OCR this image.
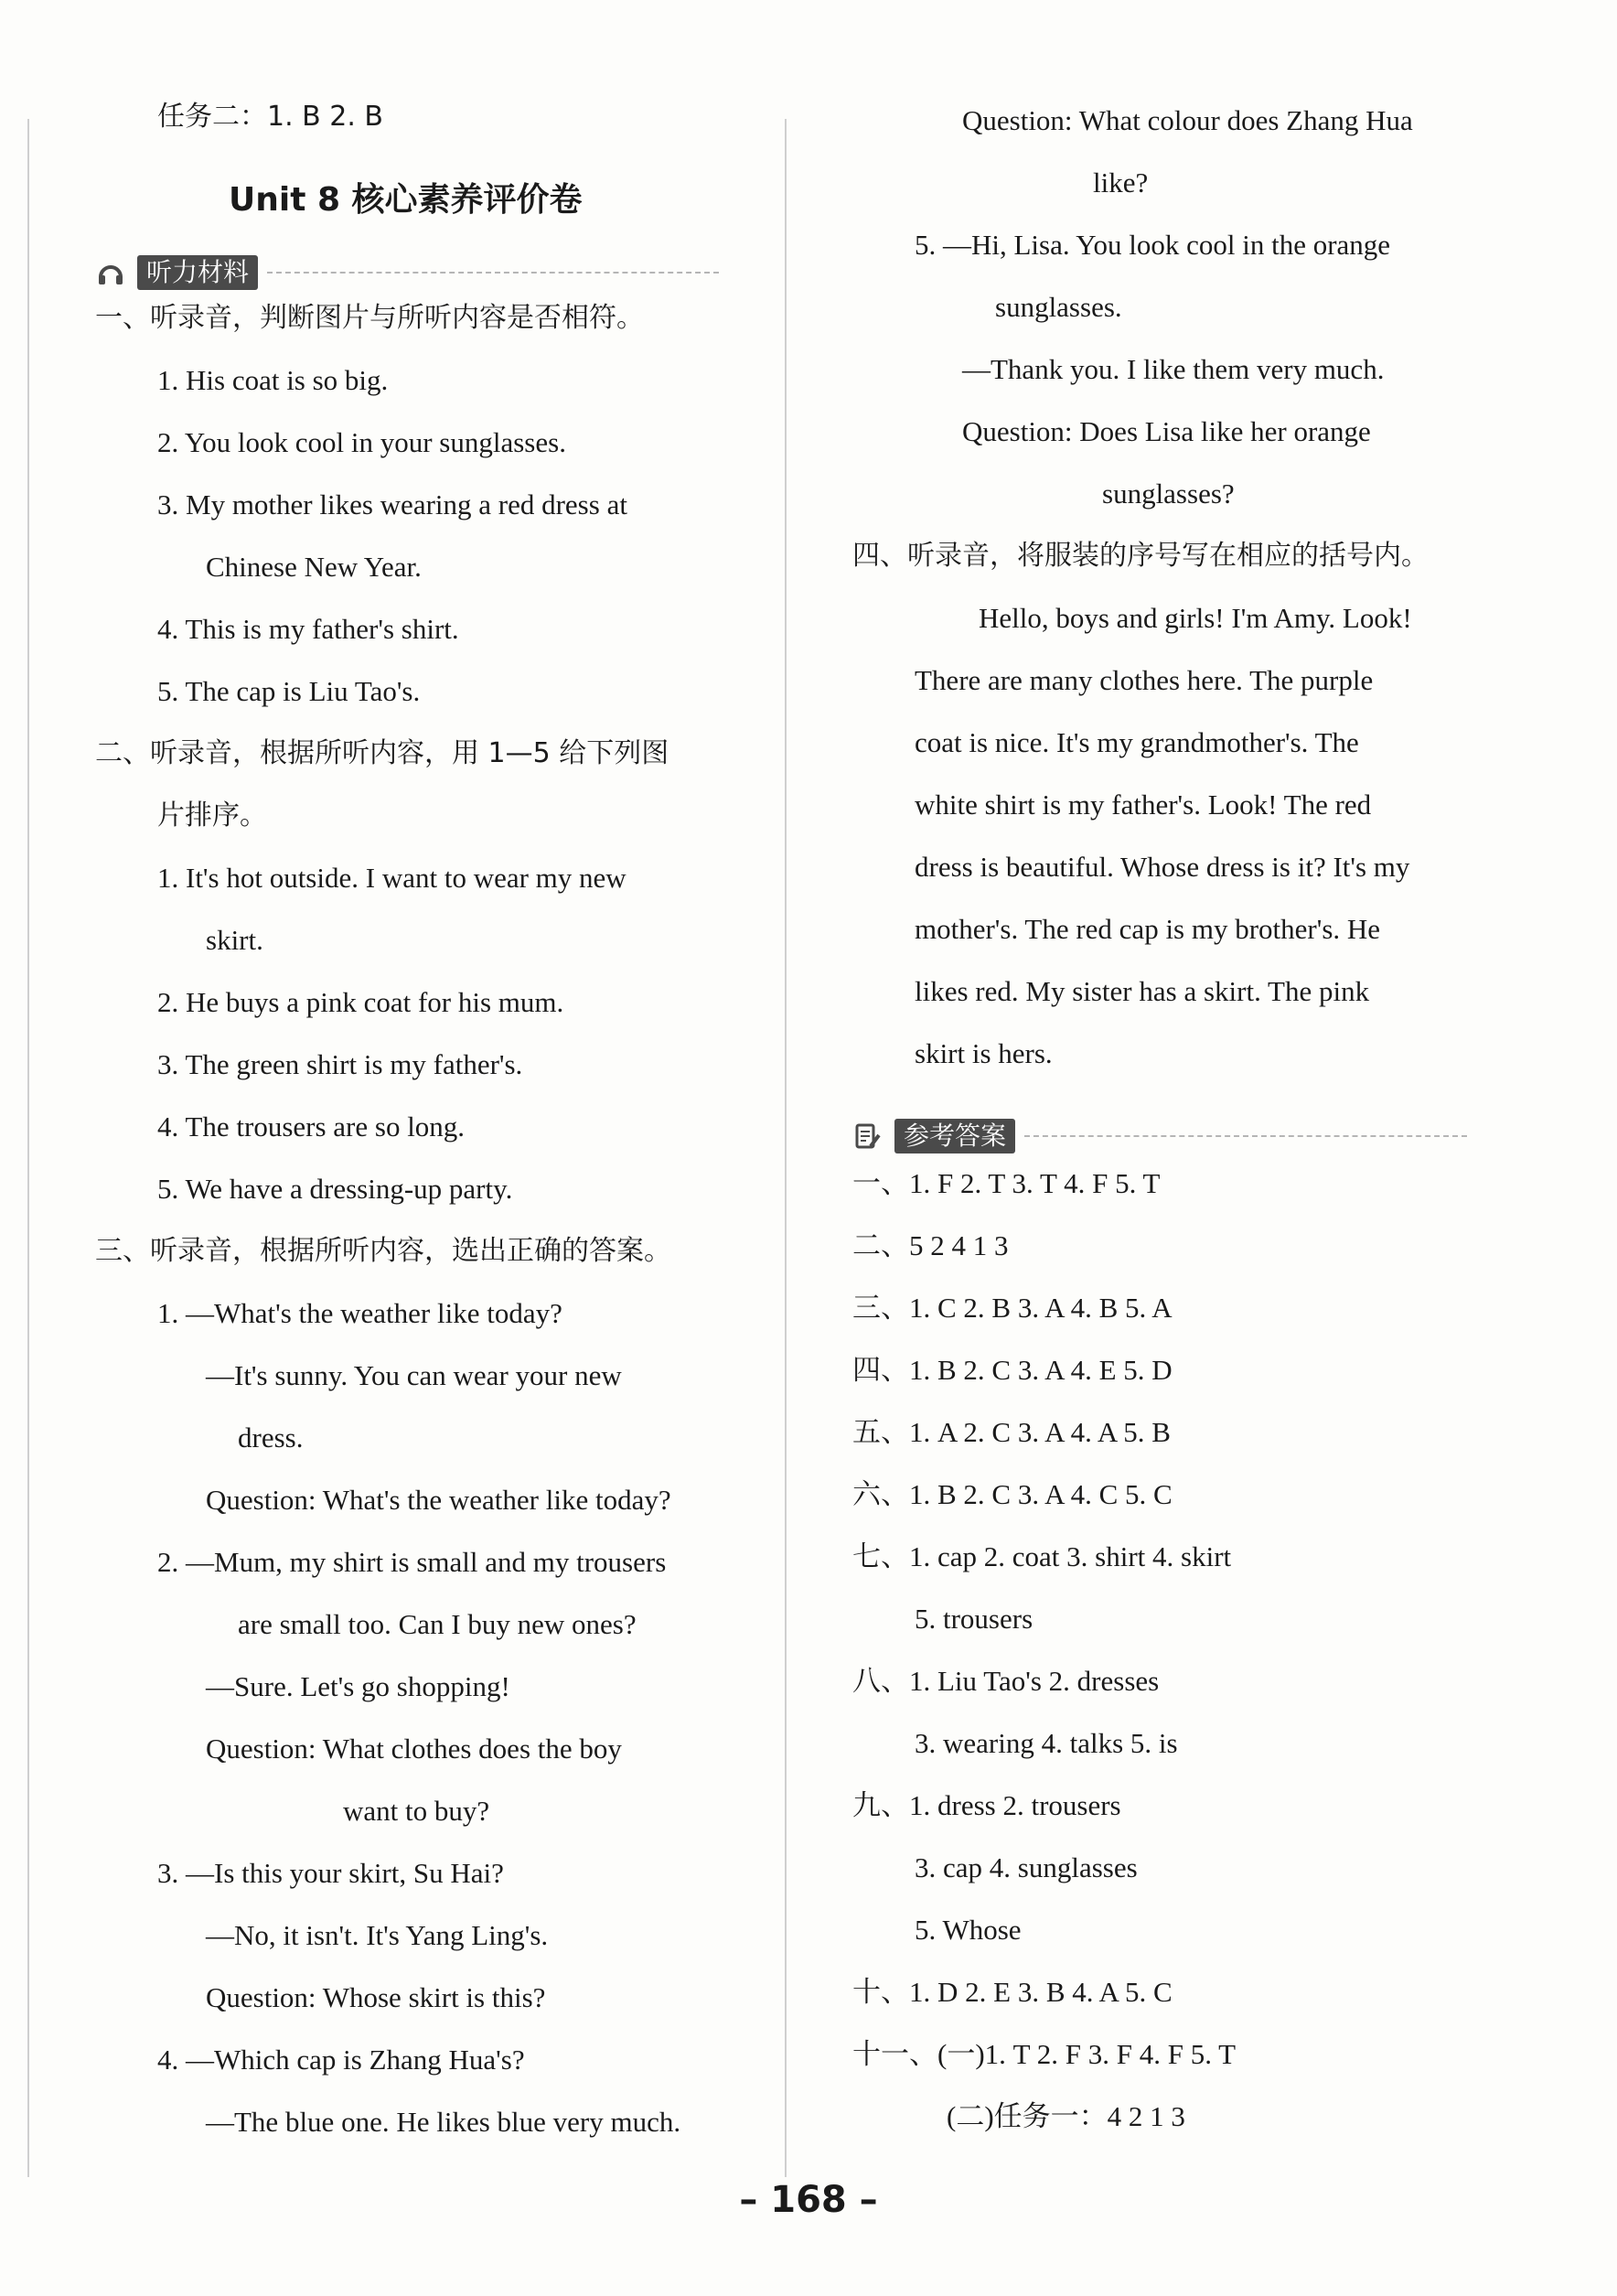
Unit 8 核心素养评价卷
听力材料
参考答案
任务二：1. B 2. B
一、听录音，判断图片与所听内容是否相符。
1. His coat is so big.
2. You look cool in your sunglasses.
3. My mother likes wearing a red dress at
Chinese New Year.
4. This is my father's shirt.
5. The cap is Liu Tao's.
二、听录音，根据所听内容，用 1—5 给下列图
片排序。
1. It's hot outside. I want to wear my new
skirt.
2. He buys a pink coat for his mum.
3. The green shirt is my father's.
4. The trousers are so long.
5. We have a dressing-up party.
三、听录音，根据所听内容，选出正确的答案。
1. —What's the weather like today?
—It's sunny. You can wear your new
dress.
Question: What's the weather like today?
2. —Mum, my shirt is small and my trousers
are small too. Can I buy new ones?
—Sure. Let's go shopping!
Question: What clothes does the boy
want to buy?
3. —Is this your skirt, Su Hai?
—No, it isn't. It's Yang Ling's.
Question: Whose skirt is this?
4. —Which cap is Zhang Hua's?
—The blue one. He likes blue very much.
Question: What colour does Zhang Hua
like?
5. —Hi, Lisa. You look cool in the orange
sunglasses.
—Thank you. I like them very much.
Question: Does Lisa like her orange
sunglasses?
四、听录音，将服装的序号写在相应的括号内。
Hello, boys and girls! I'm Amy. Look!
There are many clothes here. The purple
coat is nice. It's my grandmother's. The
white shirt is my father's. Look! The red
dress is beautiful. Whose dress is it? It's my
mother's. The red cap is my brother's. He
likes red. My sister has a skirt. The pink
skirt is hers.
一、1. F 2. T 3. T 4. F 5. T
二、5 2 4 1 3
三、1. C 2. B 3. A 4. B 5. A
四、1. B 2. C 3. A 4. E 5. D
五、1. A 2. C 3. A 4. A 5. B
六、1. B 2. C 3. A 4. C 5. C
七、1. cap 2. coat 3. shirt 4. skirt
5. trousers
八、1. Liu Tao's 2. dresses
3. wearing 4. talks 5. is
九、1. dress 2. trousers
3. cap 4. sunglasses
5. Whose
十、1. D 2. E 3. B 4. A 5. C
十一、(一)1. T 2. F 3. F 4. F 5. T
(二)任务一：4 2 1 3
– 168 –
